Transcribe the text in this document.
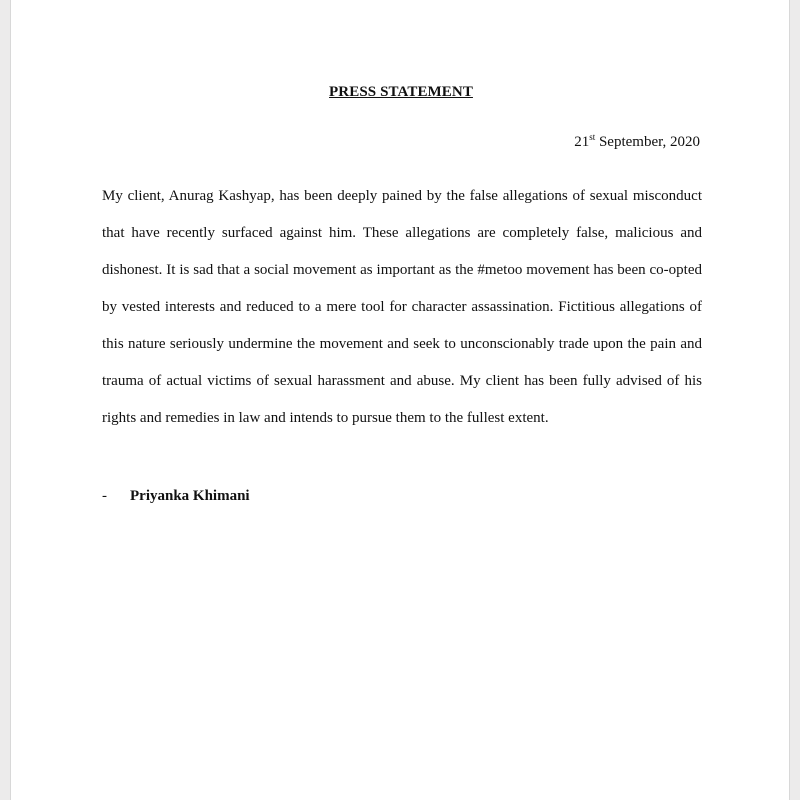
PRESS STATEMENT
21st September, 2020

My client, Anurag Kashyap, has been deeply pained by the false allegations of sexual misconduct that have recently surfaced against him. These allegations are completely false, malicious and dishonest. It is sad that a social movement as important as the #metoo movement has been co-opted by vested interests and reduced to a mere tool for character assassination. Fictitious allegations of this nature seriously undermine the movement and seek to unconscionably trade upon the pain and trauma of actual victims of sexual harassment and abuse. My client has been fully advised of his rights and remedies in law and intends to pursue them to the fullest extent.

-	Priyanka Khimani
